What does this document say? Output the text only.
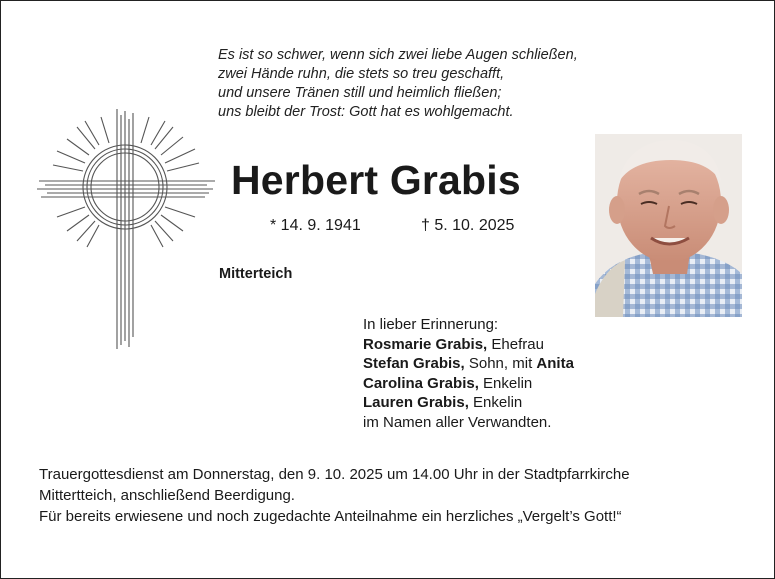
Es ist so schwer, wenn sich zwei liebe Augen schließen,
zwei Hände ruhn, die stets so treu geschafft,
und unsere Tränen still und heimlich fließen;
uns bleibt der Trost: Gott hat es wohlgemacht.
Herbert Grabis
* 14. 9. 1941	† 5. 10. 2025
Mitterteich
In lieber Erinnerung:
Rosmarie Grabis, Ehefrau
Stefan Grabis, Sohn, mit Anita
Carolina Grabis, Enkelin
Lauren Grabis, Enkelin
im Namen aller Verwandten.
Trauergottesdienst am Donnerstag, den 9. 10. 2025 um 14.00 Uhr in der Stadtpfarrkirche
Mittertteich, anschließend Beerdigung.
Für bereits erwiesene und noch zugedachte Anteilnahme ein herzliches „Vergelt’s Gott!“
